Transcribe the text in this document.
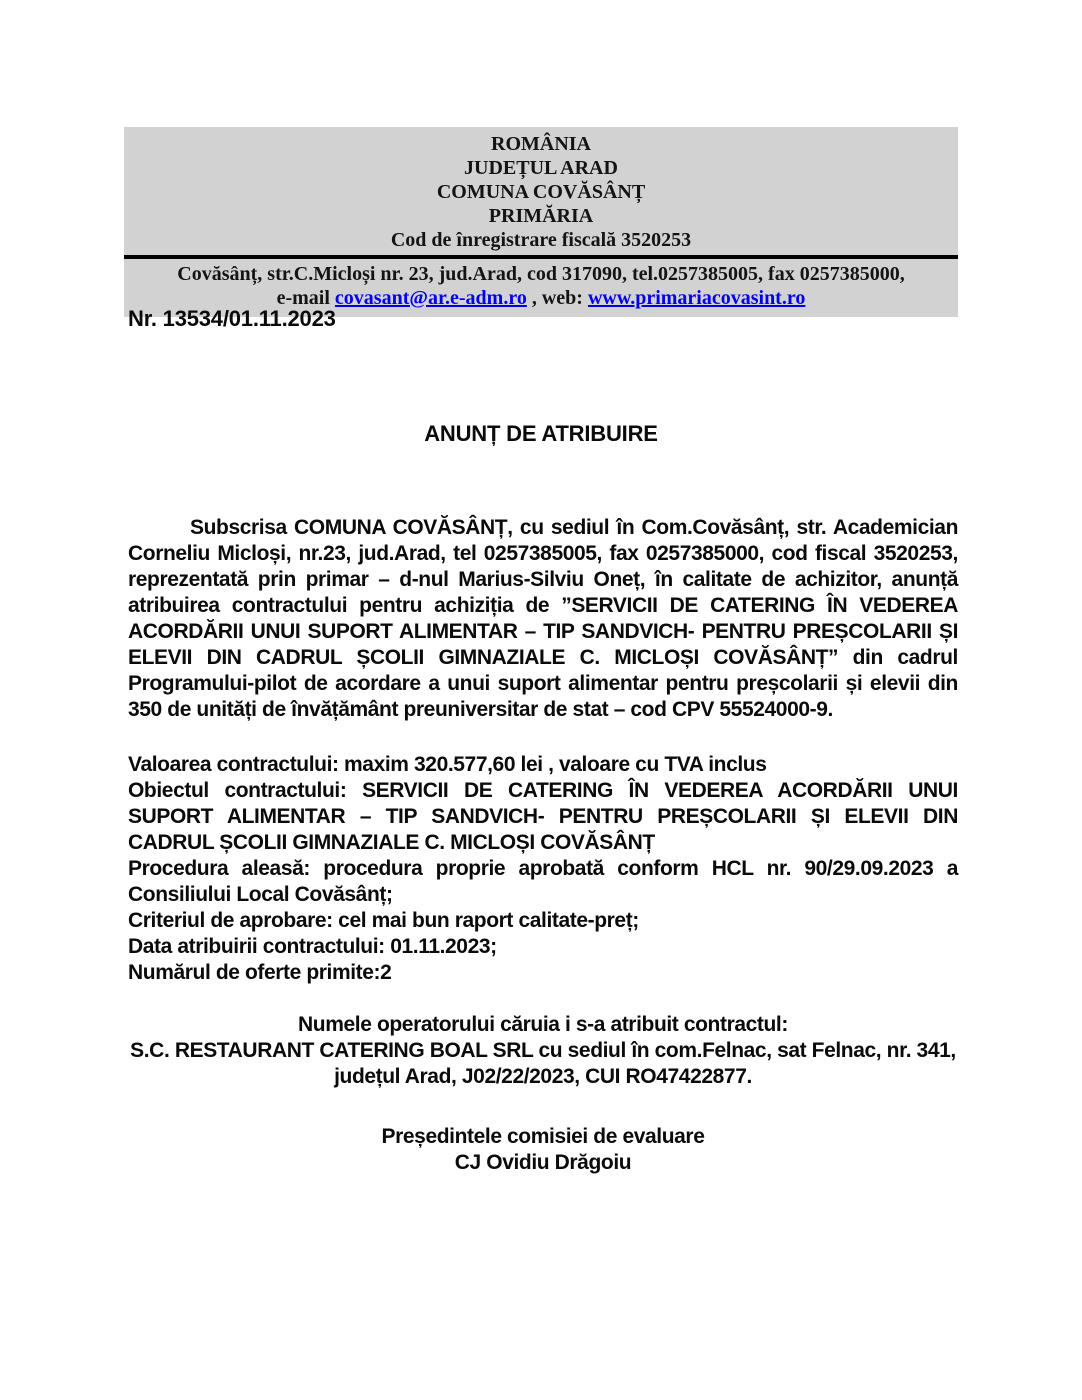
ROMÂNIA
JUDEȚUL ARAD
COMUNA COVĂSÂNȚ
PRIMĂRIA
Cod de înregistrare fiscală 3520253
Covăsânț, str.C.Micloși nr. 23, jud.Arad, cod 317090, tel.0257385005, fax 0257385000,
e-mail covasant@ar.e-adm.ro , web: www.primariacovasint.ro
Nr. 13534/01.11.2023
ANUNȚ DE ATRIBUIRE

Subscrisa COMUNA COVĂSÂNȚ, cu sediul în Com.Covăsânț, str. Academician Corneliu Micloși, nr.23, jud.Arad, tel 0257385005, fax 0257385000, cod fiscal 3520253, reprezentată prin primar – d-nul Marius-Silviu Oneț, în calitate de achizitor, anunță atribuirea contractului pentru achiziția de ”SERVICII DE CATERING ÎN VEDEREA ACORDĂRII UNUI SUPORT ALIMENTAR – TIP SANDVICH- PENTRU PREȘCOLARII ȘI ELEVII DIN CADRUL ȘCOLII GIMNAZIALE C. MICLOȘI COVĂSÂNȚ” din cadrul Programului-pilot de acordare a unui suport alimentar pentru preșcolarii și elevii din 350 de unități de învățământ preuniversitar de stat – cod CPV 55524000-9.

Valoarea contractului: maxim 320.577,60 lei , valoare cu TVA inclus

Obiectul contractului: SERVICII DE CATERING ÎN VEDEREA ACORDĂRII UNUI SUPORT ALIMENTAR – TIP SANDVICH- PENTRU PREȘCOLARII ȘI ELEVII DIN CADRUL ȘCOLII GIMNAZIALE C. MICLOȘI COVĂSÂNȚ

Procedura aleasă: procedura proprie aprobată conform HCL nr. 90/29.09.2023 a Consiliului Local Covăsânț;

Criteriul de aprobare: cel mai bun raport calitate-preț;

Data atribuirii contractului: 01.11.2023;

Numărul de oferte primite:2

Numele operatorului căruia i s-a atribuit contractul:

S.C. RESTAURANT CATERING BOAL SRL cu sediul în com.Felnac, sat Felnac, nr. 341, județul Arad, J02/22/2023, CUI RO47422877.

Președintele comisiei de evaluare

CJ Ovidiu Drăgoiu
